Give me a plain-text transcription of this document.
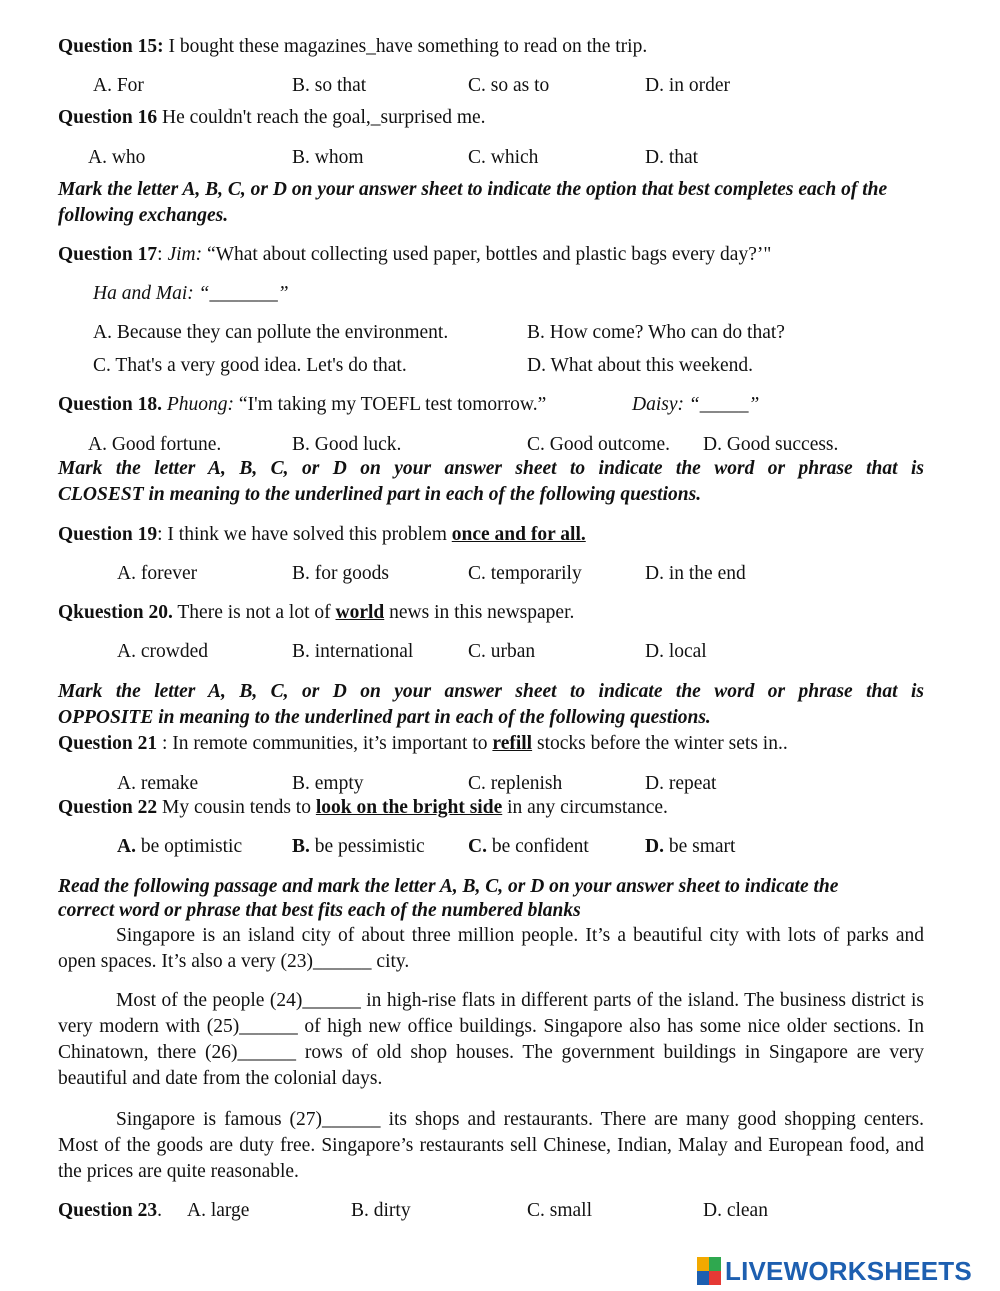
Question 15: I bought these magazines_have something to read on the trip.
A. For	B. so that	C. so as to	D. in order
Question 16 He couldn't reach the goal,_surprised me.
A. who	B. whom	C. which	D. that
Mark the letter A, B, C, or D on your answer sheet to indicate the option that best completes each of the following exchanges.
Question 17: Jim: “What about collecting used paper, bottles and plastic bags every day?’"
Ha and Mai: “_______”
A. Because they can pollute the environment.	B. How come? Who can do that?
C. That's a very good idea. Let's do that.	D. What about this weekend.
Question 18. Phuong: “I'm taking my TOEFL test tomorrow.”	Daisy: “_____”
A. Good fortune.	B. Good luck.	C. Good outcome. D. Good success.
Mark the letter A, B, C, or D on your answer sheet to indicate the word or phrase that is
CLOSEST in meaning to the underlined part in each of the following questions.
Question 19: I think we have solved this problem once and for all.
A. forever	B. for goods	C. temporarily	D. in the end
Qkuestion 20. There is not a lot of world news in this newspaper.
A. crowded	B. international	C. urban	D. local
Mark the letter A, B, C, or D on your answer sheet to indicate the word or phrase that is
OPPOSITE in meaning to the underlined part in each of the following questions.
Question 21 : In remote communities, it’s important to refill stocks before the winter sets in..
A. remake	B. empty	C. replenish	D. repeat
Question 22 My cousin tends to look on the bright side in any circumstance.
A. be optimistic	B. be pessimistic C. be confident	D. be smart
Read the following passage and mark the letter A, B, C, or D on your answer sheet to indicate the
correct word or phrase that best fits each of the numbered blanks

Singapore is an island city of about three million people. It’s a beautiful city with lots of parks and open spaces. It’s also a very (23)______ city.

Most of the people (24)______ in high-rise flats in different parts of the island. The business district is very modern with (25)______ of high new office buildings. Singapore also has some nice older sections. In Chinatown, there (26)______ rows of old shop houses. The government buildings in Singapore are very beautiful and date from the colonial days.

Singapore is famous (27)______ its shops and restaurants. There are many good shopping centers. Most of the goods are duty free. Singapore’s restaurants sell Chinese, Indian, Malay and European food, and the prices are quite reasonable.

Question 23. A. large	B. dirty	C. small	D. clean
LIVEWORKSHEETS
